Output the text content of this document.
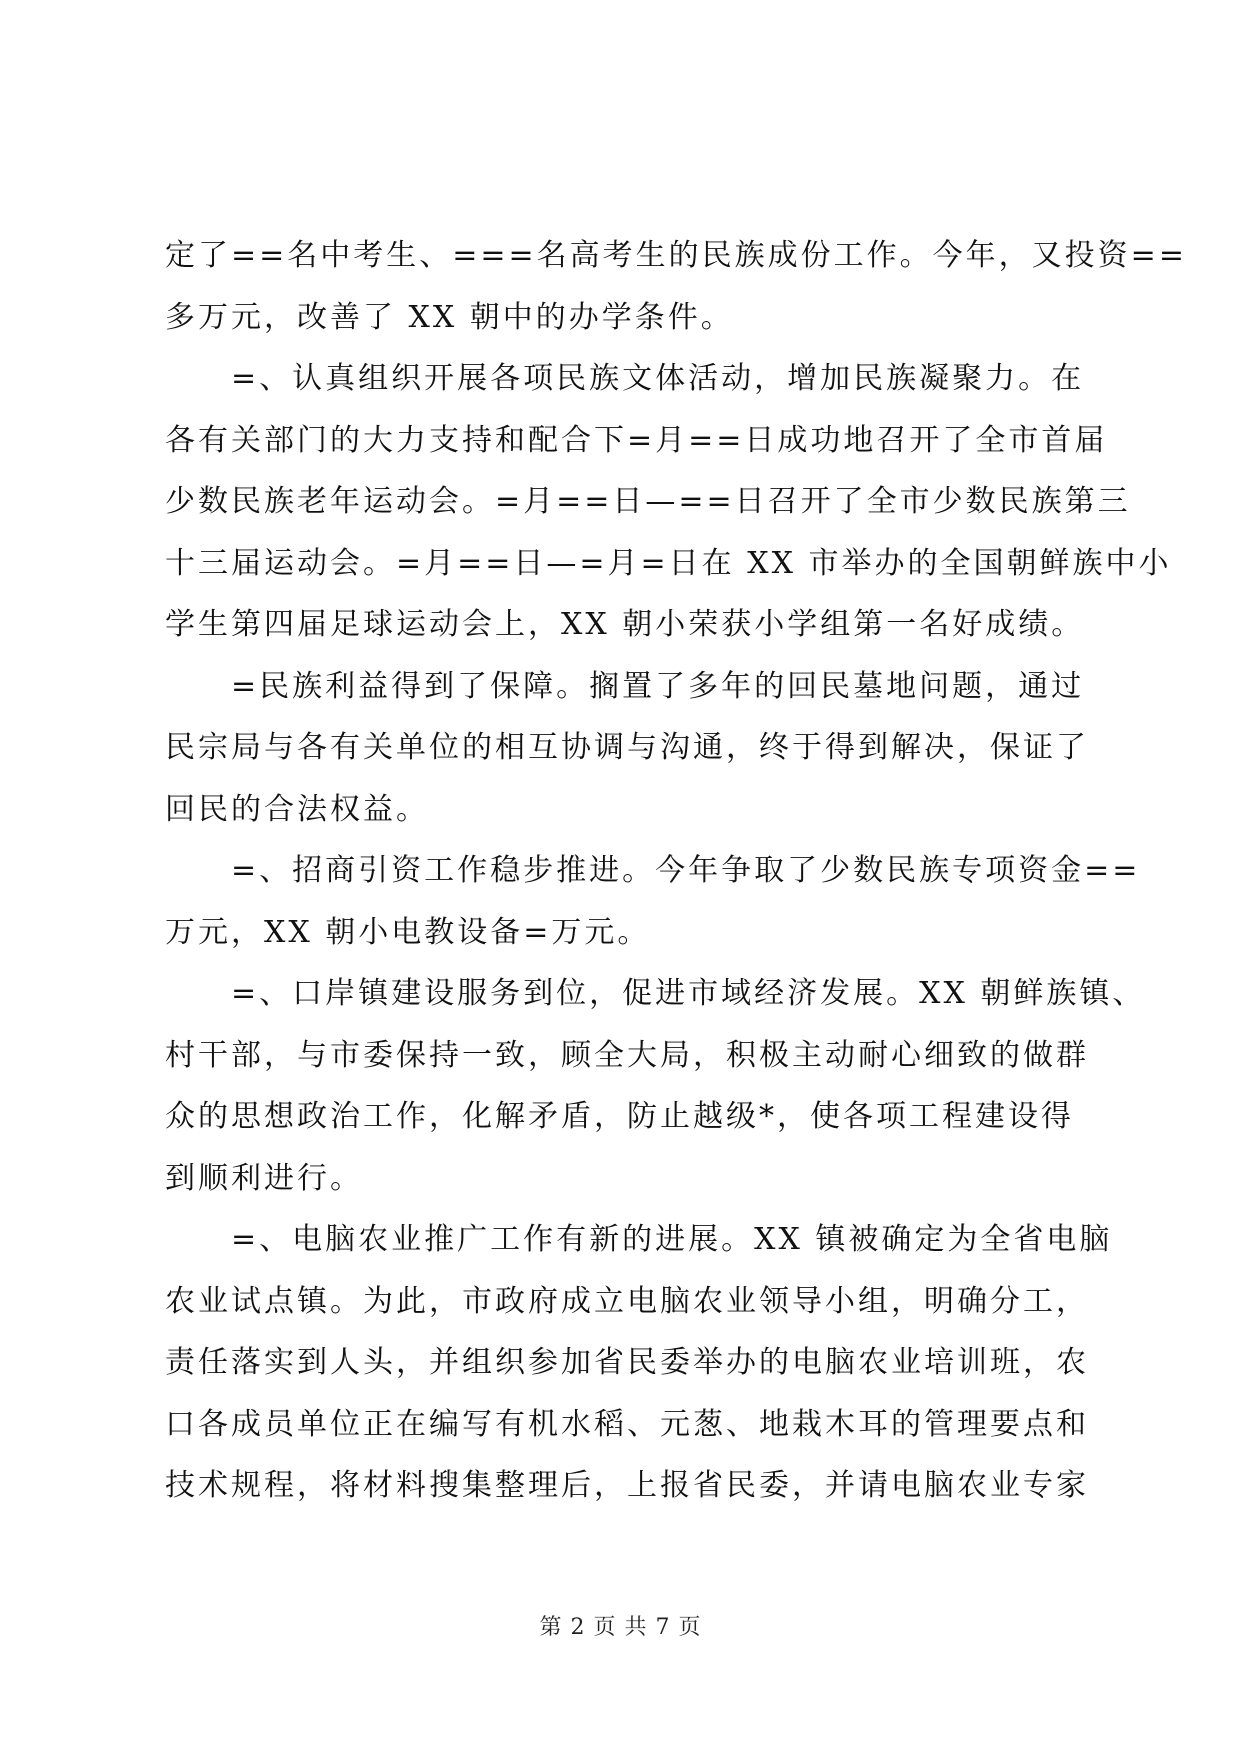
定了==名中考生、===名高考生的民族成份工作。今年，又投资==
多万元，改善了 XX 朝中的办学条件。

=、认真组织开展各项民族文体活动，增加民族凝聚力。在
各有关部门的大力支持和配合下=月==日成功地召开了全市首届
少数民族老年运动会。=月==日—==日召开了全市少数民族第三
十三届运动会。=月==日—=月=日在 XX 市举办的全国朝鲜族中小
学生第四届足球运动会上，XX 朝小荣获小学组第一名好成绩。

=民族利益得到了保障。搁置了多年的回民墓地问题，通过
民宗局与各有关单位的相互协调与沟通，终于得到解决，保证了
回民的合法权益。

=、招商引资工作稳步推进。今年争取了少数民族专项资金==
万元，XX 朝小电教设备=万元。

=、口岸镇建设服务到位，促进市域经济发展。XX 朝鲜族镇、
村干部，与市委保持一致，顾全大局，积极主动耐心细致的做群
众的思想政治工作，化解矛盾，防止越级*，使各项工程建设得
到顺利进行。

=、电脑农业推广工作有新的进展。XX 镇被确定为全省电脑
农业试点镇。为此，市政府成立电脑农业领导小组，明确分工，
责任落实到人头，并组织参加省民委举办的电脑农业培训班，农
口各成员单位正在编写有机水稻、元葱、地栽木耳的管理要点和
技术规程，将材料搜集整理后，上报省民委，并请电脑农业专家

第 2 页 共 7 页
